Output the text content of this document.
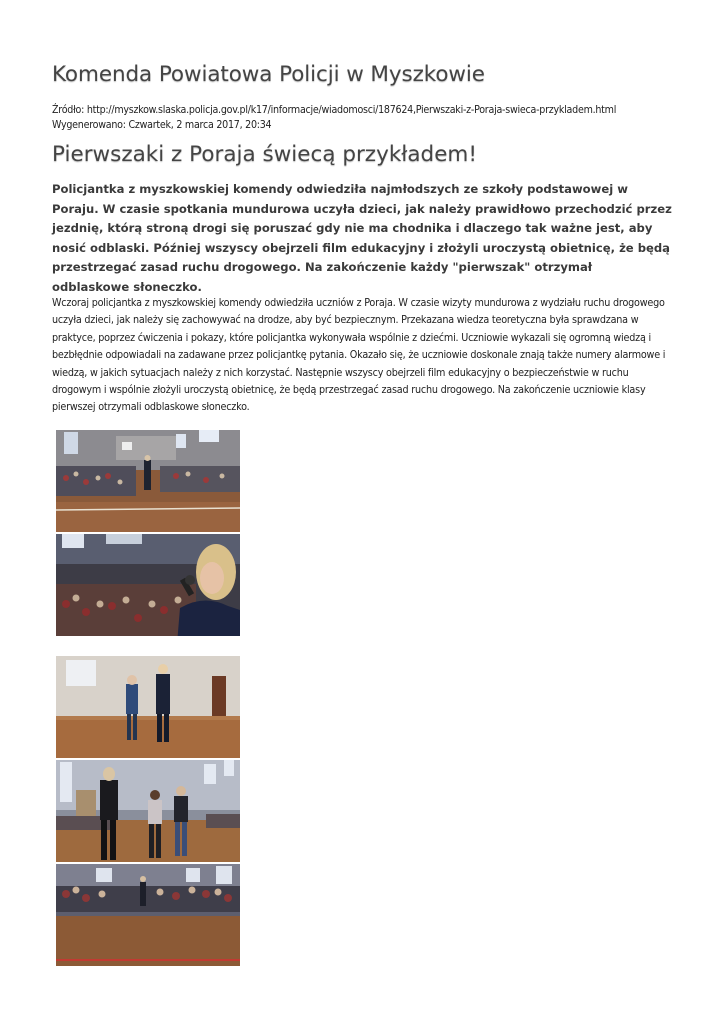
Komenda Powiatowa Policji w Myszkowie
Źródło: http://myszkow.slaska.policja.gov.pl/k17/informacje/wiadomosci/187624,Pierwszaki-z-Poraja-swieca-przykladem.html
Wygenerowano: Czwartek, 2 marca 2017, 20:34
Pierwszaki z Poraja świecą przykładem!
Policjantka z myszkowskiej komendy odwiedziła najmłodszych ze szkoły podstawowej w Poraju. W czasie spotkania mundurowa uczyła dzieci, jak należy prawidłowo przechodzić przez jezdnię, którą stroną drogi się poruszać gdy nie ma chodnika i dlaczego tak ważne jest, aby nosić odblaski. Później wszyscy obejrzeli film edukacyjny i złożyli uroczystą obietnicę, że będą przestrzegać zasad ruchu drogowego. Na zakończenie każdy "pierwszak" otrzymał odblaskowe słoneczko.
Wczoraj policjantka z myszkowskiej komendy odwiedziła uczniów z Poraja. W czasie wizyty mundurowa z wydziału ruchu drogowego uczyła dzieci, jak należy się zachowywać na drodze, aby być bezpiecznym. Przekazana wiedza teoretyczna była sprawdzana w praktyce, poprzez ćwiczenia i pokazy, które policjantka wykonywała wspólnie z dziećmi. Uczniowie wykazali się ogromną wiedzą i bezbłędnie odpowiadali na zadawane przez policjantkę pytania. Okazało się, że uczniowie doskonale znają także numery alarmowe i wiedzą, w jakich sytuacjach należy z nich korzystać. Następnie wszyscy obejrzeli film edukacyjny o bezpieczeństwie w ruchu drogowym i wspólnie złożyli uroczystą obietnicę, że będą przestrzegać zasad ruchu drogowego. Na zakończenie uczniowie klasy pierwszej otrzymali odblaskowe słoneczko.
